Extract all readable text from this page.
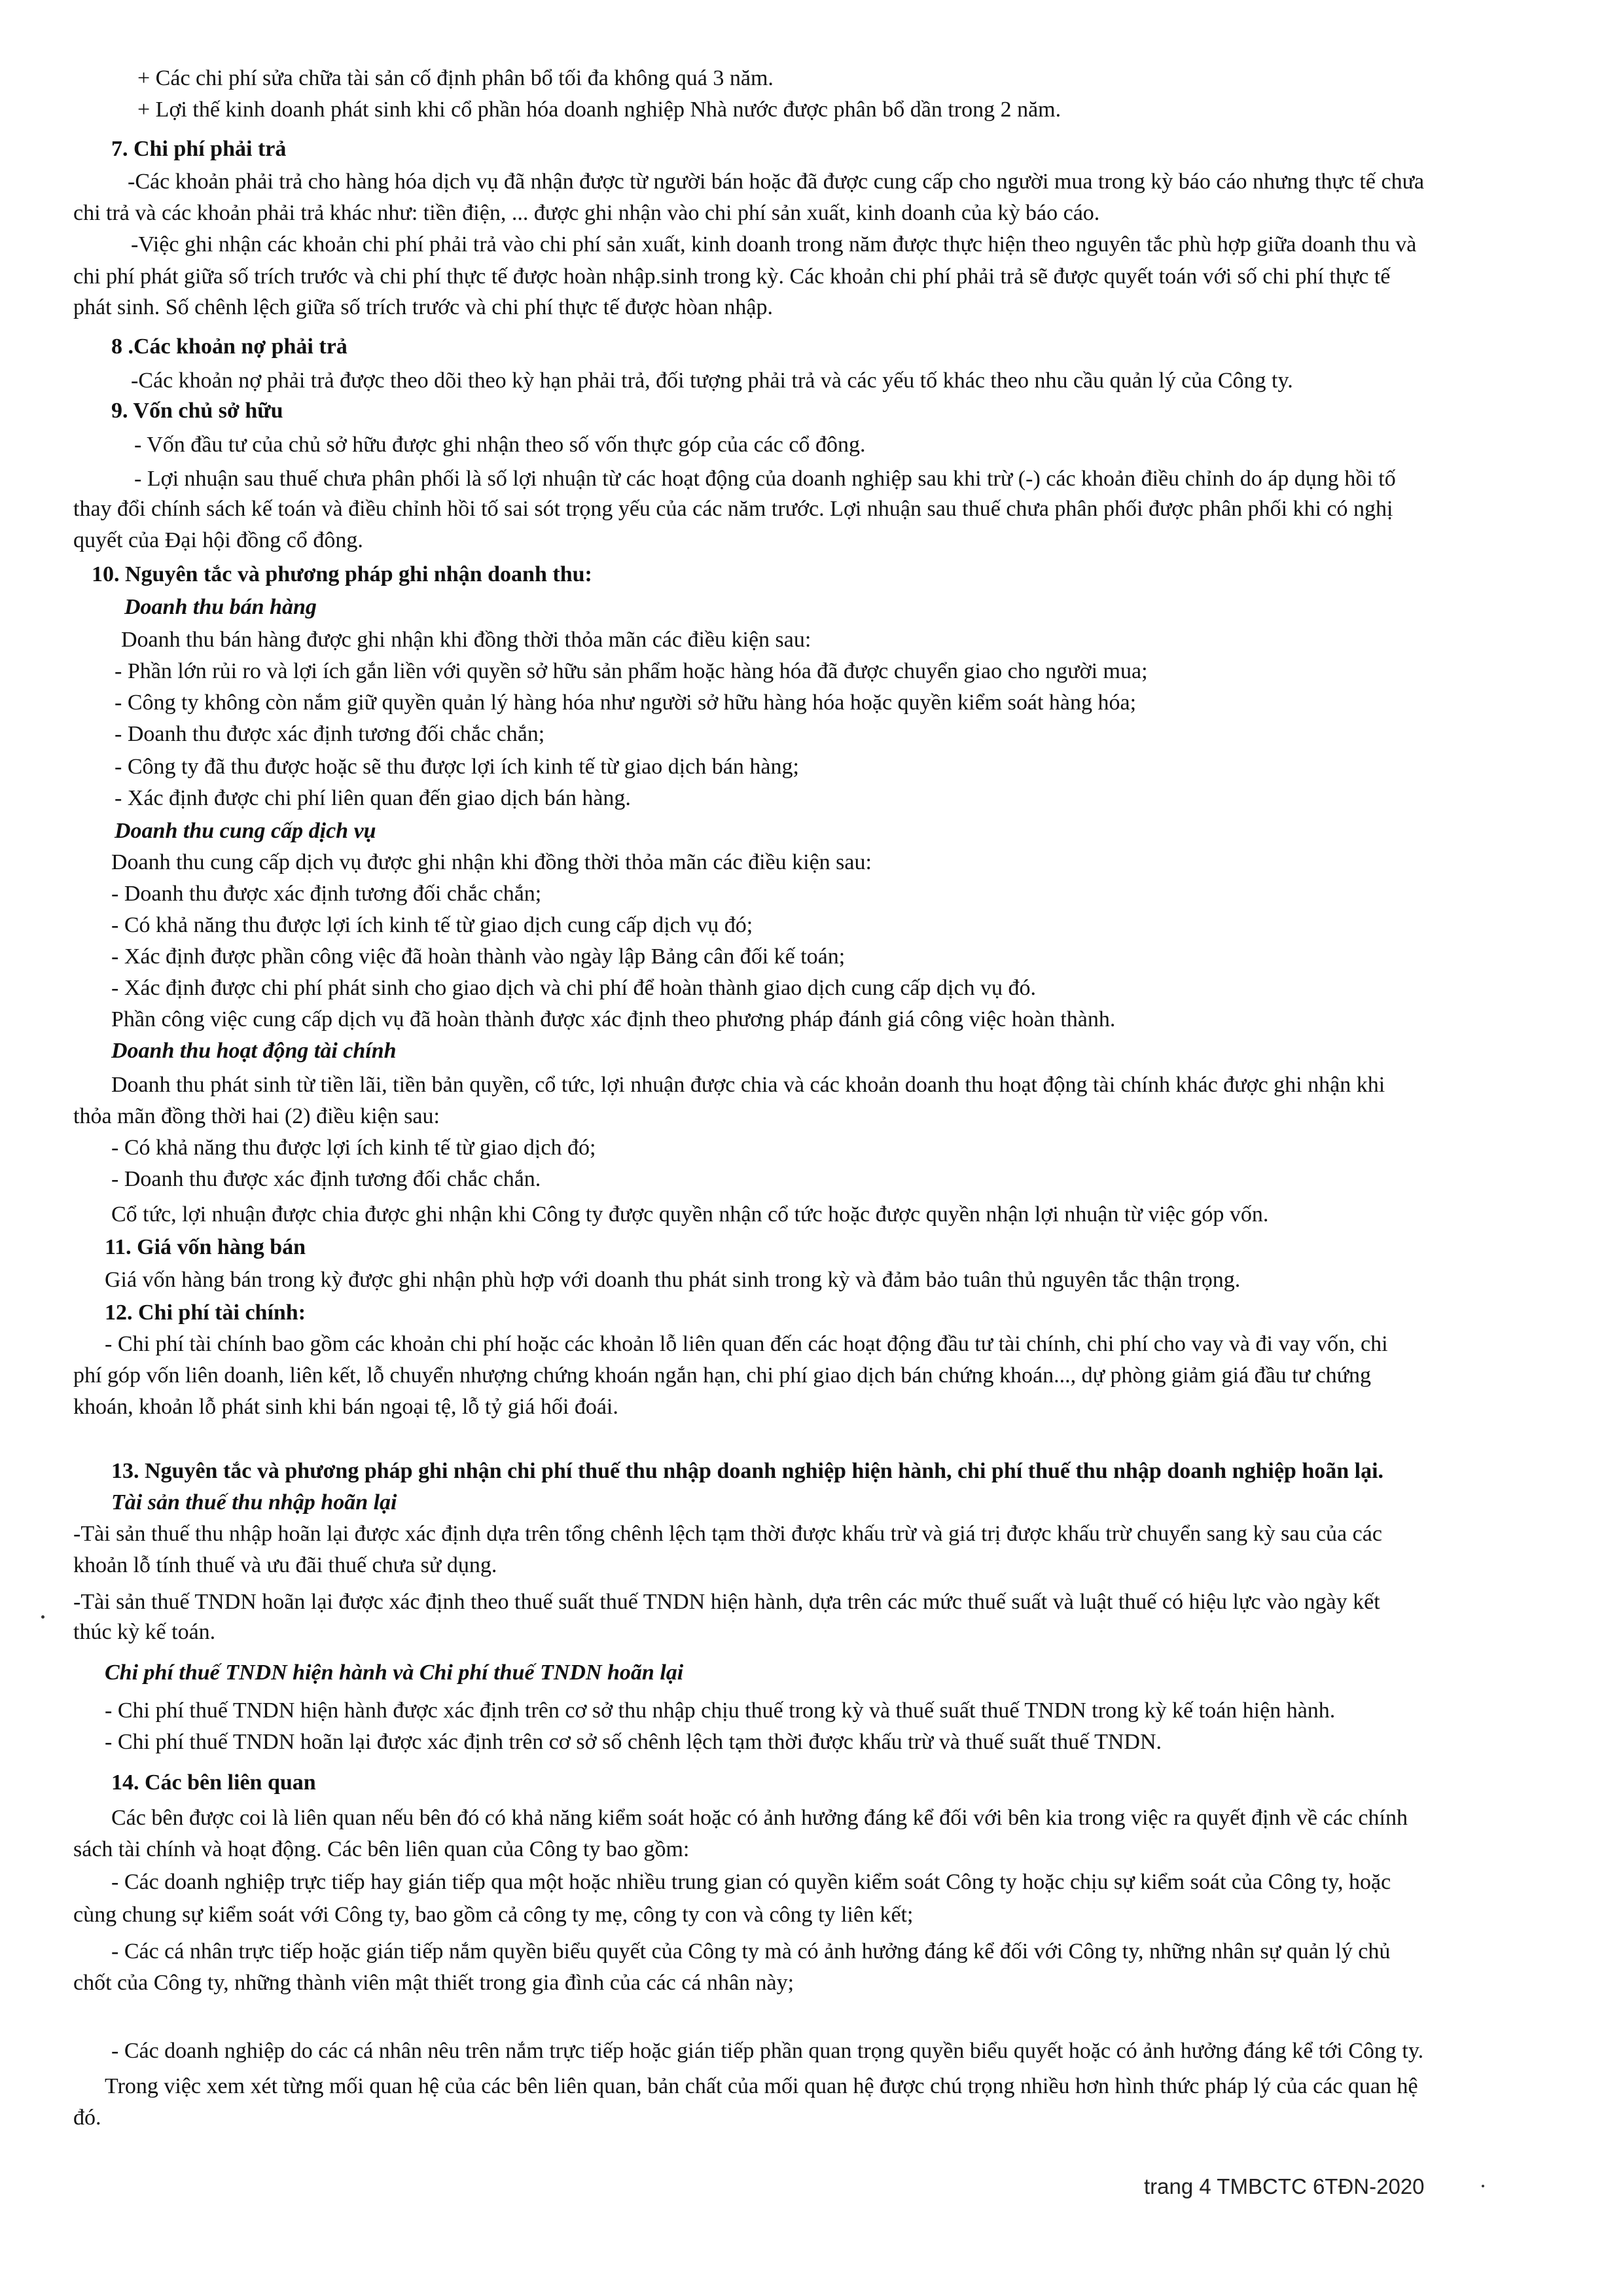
+ Các chi phí sửa chữa tài sản cố định phân bổ tối đa không quá 3 năm.
+ Lợi thế kinh doanh phát sinh khi cổ phần hóa doanh nghiệp Nhà nước được phân bổ dần trong 2 năm.
7. Chi phí phải trả
-Các khoản phải trả cho hàng hóa dịch vụ đã nhận được từ người bán hoặc đã được cung cấp cho người mua trong kỳ báo cáo nhưng thực tế chưa
chi trả và các khoản phải trả khác như: tiền điện, ... được ghi nhận vào chi phí sản xuất, kinh doanh của kỳ báo cáo.
-Việc ghi nhận các khoản chi phí phải trả vào chi phí sản xuất, kinh doanh trong năm được thực hiện theo nguyên tắc phù hợp giữa doanh thu và
chi phí phát giữa số trích trước và chi phí thực tế được hoàn nhập.sinh trong kỳ. Các khoản chi phí phải trả sẽ được quyết toán với số chi phí thực tế
phát sinh. Số chênh lệch giữa số trích trước và chi phí thực tế được hòan nhập.
8 .Các khoản nợ phải trả
-Các khoản nợ phải trả được theo dõi theo kỳ hạn phải trả, đối tượng phải trả và các yếu tố khác theo nhu cầu quản lý của Công ty.
9. Vốn chủ sở hữu
- Vốn đầu tư của chủ sở hữu được ghi nhận theo số vốn thực góp của các cổ đông.
- Lợi nhuận sau thuế chưa phân phối là số lợi nhuận từ các hoạt động của doanh nghiệp sau khi trừ (-) các khoản điều chỉnh do áp dụng hồi tố
thay đổi chính sách kế toán và điều chỉnh hồi tố sai sót trọng yếu của các năm trước. Lợi nhuận sau thuế chưa phân phối được phân phối khi có nghị
quyết của Đại hội đồng cổ đông.
10. Nguyên tắc và phương pháp ghi nhận doanh thu:
Doanh thu bán hàng
Doanh thu bán hàng được ghi nhận khi đồng thời thỏa mãn các điều kiện sau:
- Phần lớn rủi ro và lợi ích gắn liền với quyền sở hữu sản phẩm hoặc hàng hóa đã được chuyển giao cho người mua;
- Công ty không còn nắm giữ quyền quản lý hàng hóa như người sở hữu hàng hóa hoặc quyền kiểm soát hàng hóa;
- Doanh thu được xác định tương đối chắc chắn;
- Công ty đã thu được hoặc sẽ thu được lợi ích kinh tế từ giao dịch bán hàng;
- Xác định được chi phí liên quan đến giao dịch bán hàng.
Doanh thu cung cấp dịch vụ
Doanh thu cung cấp dịch vụ được ghi nhận khi đồng thời thỏa mãn các điều kiện sau:
- Doanh thu được xác định tương đối chắc chắn;
- Có khả năng thu được lợi ích kinh tế từ giao dịch cung cấp dịch vụ đó;
- Xác định được phần công việc đã hoàn thành vào ngày lập Bảng cân đối kế toán;
- Xác định được chi phí phát sinh cho giao dịch và chi phí để hoàn thành giao dịch cung cấp dịch vụ đó.
Phần công việc cung cấp dịch vụ đã hoàn thành được xác định theo phương pháp đánh giá công việc hoàn thành.
Doanh thu hoạt động tài chính
Doanh thu phát sinh từ tiền lãi, tiền bản quyền, cổ tức, lợi nhuận được chia và các khoản doanh thu hoạt động tài chính khác được ghi nhận khi
thỏa mãn đồng thời hai (2) điều kiện sau:
- Có khả năng thu được lợi ích kinh tế từ giao dịch đó;
- Doanh thu được xác định tương đối chắc chắn.
Cổ tức, lợi nhuận được chia được ghi nhận khi Công ty được quyền nhận cổ tức hoặc được quyền nhận lợi nhuận từ việc góp vốn.
11. Giá vốn hàng bán
Giá vốn hàng bán trong kỳ được ghi nhận phù hợp với doanh thu phát sinh trong kỳ và đảm bảo tuân thủ nguyên tắc thận trọng.
12. Chi phí tài chính:
- Chi phí tài chính bao gồm các khoản chi phí hoặc các khoản lỗ liên quan đến các hoạt động đầu tư tài chính, chi phí cho vay và đi vay vốn, chi
phí góp vốn liên doanh, liên kết, lỗ chuyển nhượng chứng khoán ngắn hạn, chi phí giao dịch bán chứng khoán..., dự phòng giảm giá đầu tư chứng
khoán, khoản lỗ phát sinh khi bán ngoại tệ, lỗ tỷ giá hối đoái.
13. Nguyên tắc và phương pháp ghi nhận chi phí thuế thu nhập doanh nghiệp hiện hành, chi phí thuế thu nhập doanh nghiệp hoãn lại.
Tài sản thuế thu nhập hoãn lại
-Tài sản thuế thu nhập hoãn lại được xác định dựa trên tổng chênh lệch tạm thời được khấu trừ và giá trị được khấu trừ chuyển sang kỳ sau của các
khoản lỗ tính thuế và ưu đãi thuế chưa sử dụng.
-Tài sản thuế TNDN hoãn lại được xác định theo thuế suất thuế TNDN hiện hành, dựa trên các mức thuế suất và luật thuế có hiệu lực vào ngày kết
thúc kỳ kế toán.
Chi phí thuế TNDN hiện hành và Chi phí thuế TNDN hoãn lại
- Chi phí thuế TNDN hiện hành được xác định trên cơ sở thu nhập chịu thuế trong kỳ và thuế suất thuế TNDN trong kỳ kế toán hiện hành.
- Chi phí thuế TNDN hoãn lại được xác định trên cơ sở số chênh lệch tạm thời được khấu trừ và thuế suất thuế TNDN.
14. Các bên liên quan
Các bên được coi là liên quan nếu bên đó có khả năng kiểm soát hoặc có ảnh hưởng đáng kể đối với bên kia trong việc ra quyết định về các chính
sách tài chính và hoạt động. Các bên liên quan của Công ty bao gồm:
- Các doanh nghiệp trực tiếp hay gián tiếp qua một hoặc nhiều trung gian có quyền kiểm soát Công ty hoặc chịu sự kiểm soát của Công ty, hoặc
cùng chung sự kiểm soát với Công ty, bao gồm cả công ty mẹ, công ty con và công ty liên kết;
- Các cá nhân trực tiếp hoặc gián tiếp nắm quyền biểu quyết của Công ty mà có ảnh hưởng đáng kể đối với Công ty, những nhân sự quản lý chủ
chốt của Công ty, những thành viên mật thiết trong gia đình của các cá nhân này;
- Các doanh nghiệp do các cá nhân nêu trên nắm trực tiếp hoặc gián tiếp phần quan trọng quyền biểu quyết hoặc có ảnh hưởng đáng kể tới Công ty.
Trong việc xem xét từng mối quan hệ của các bên liên quan, bản chất của mối quan hệ được chú trọng nhiều hơn hình thức pháp lý của các quan hệ
đó.
trang 4 TMBCTC 6TĐN-2020
